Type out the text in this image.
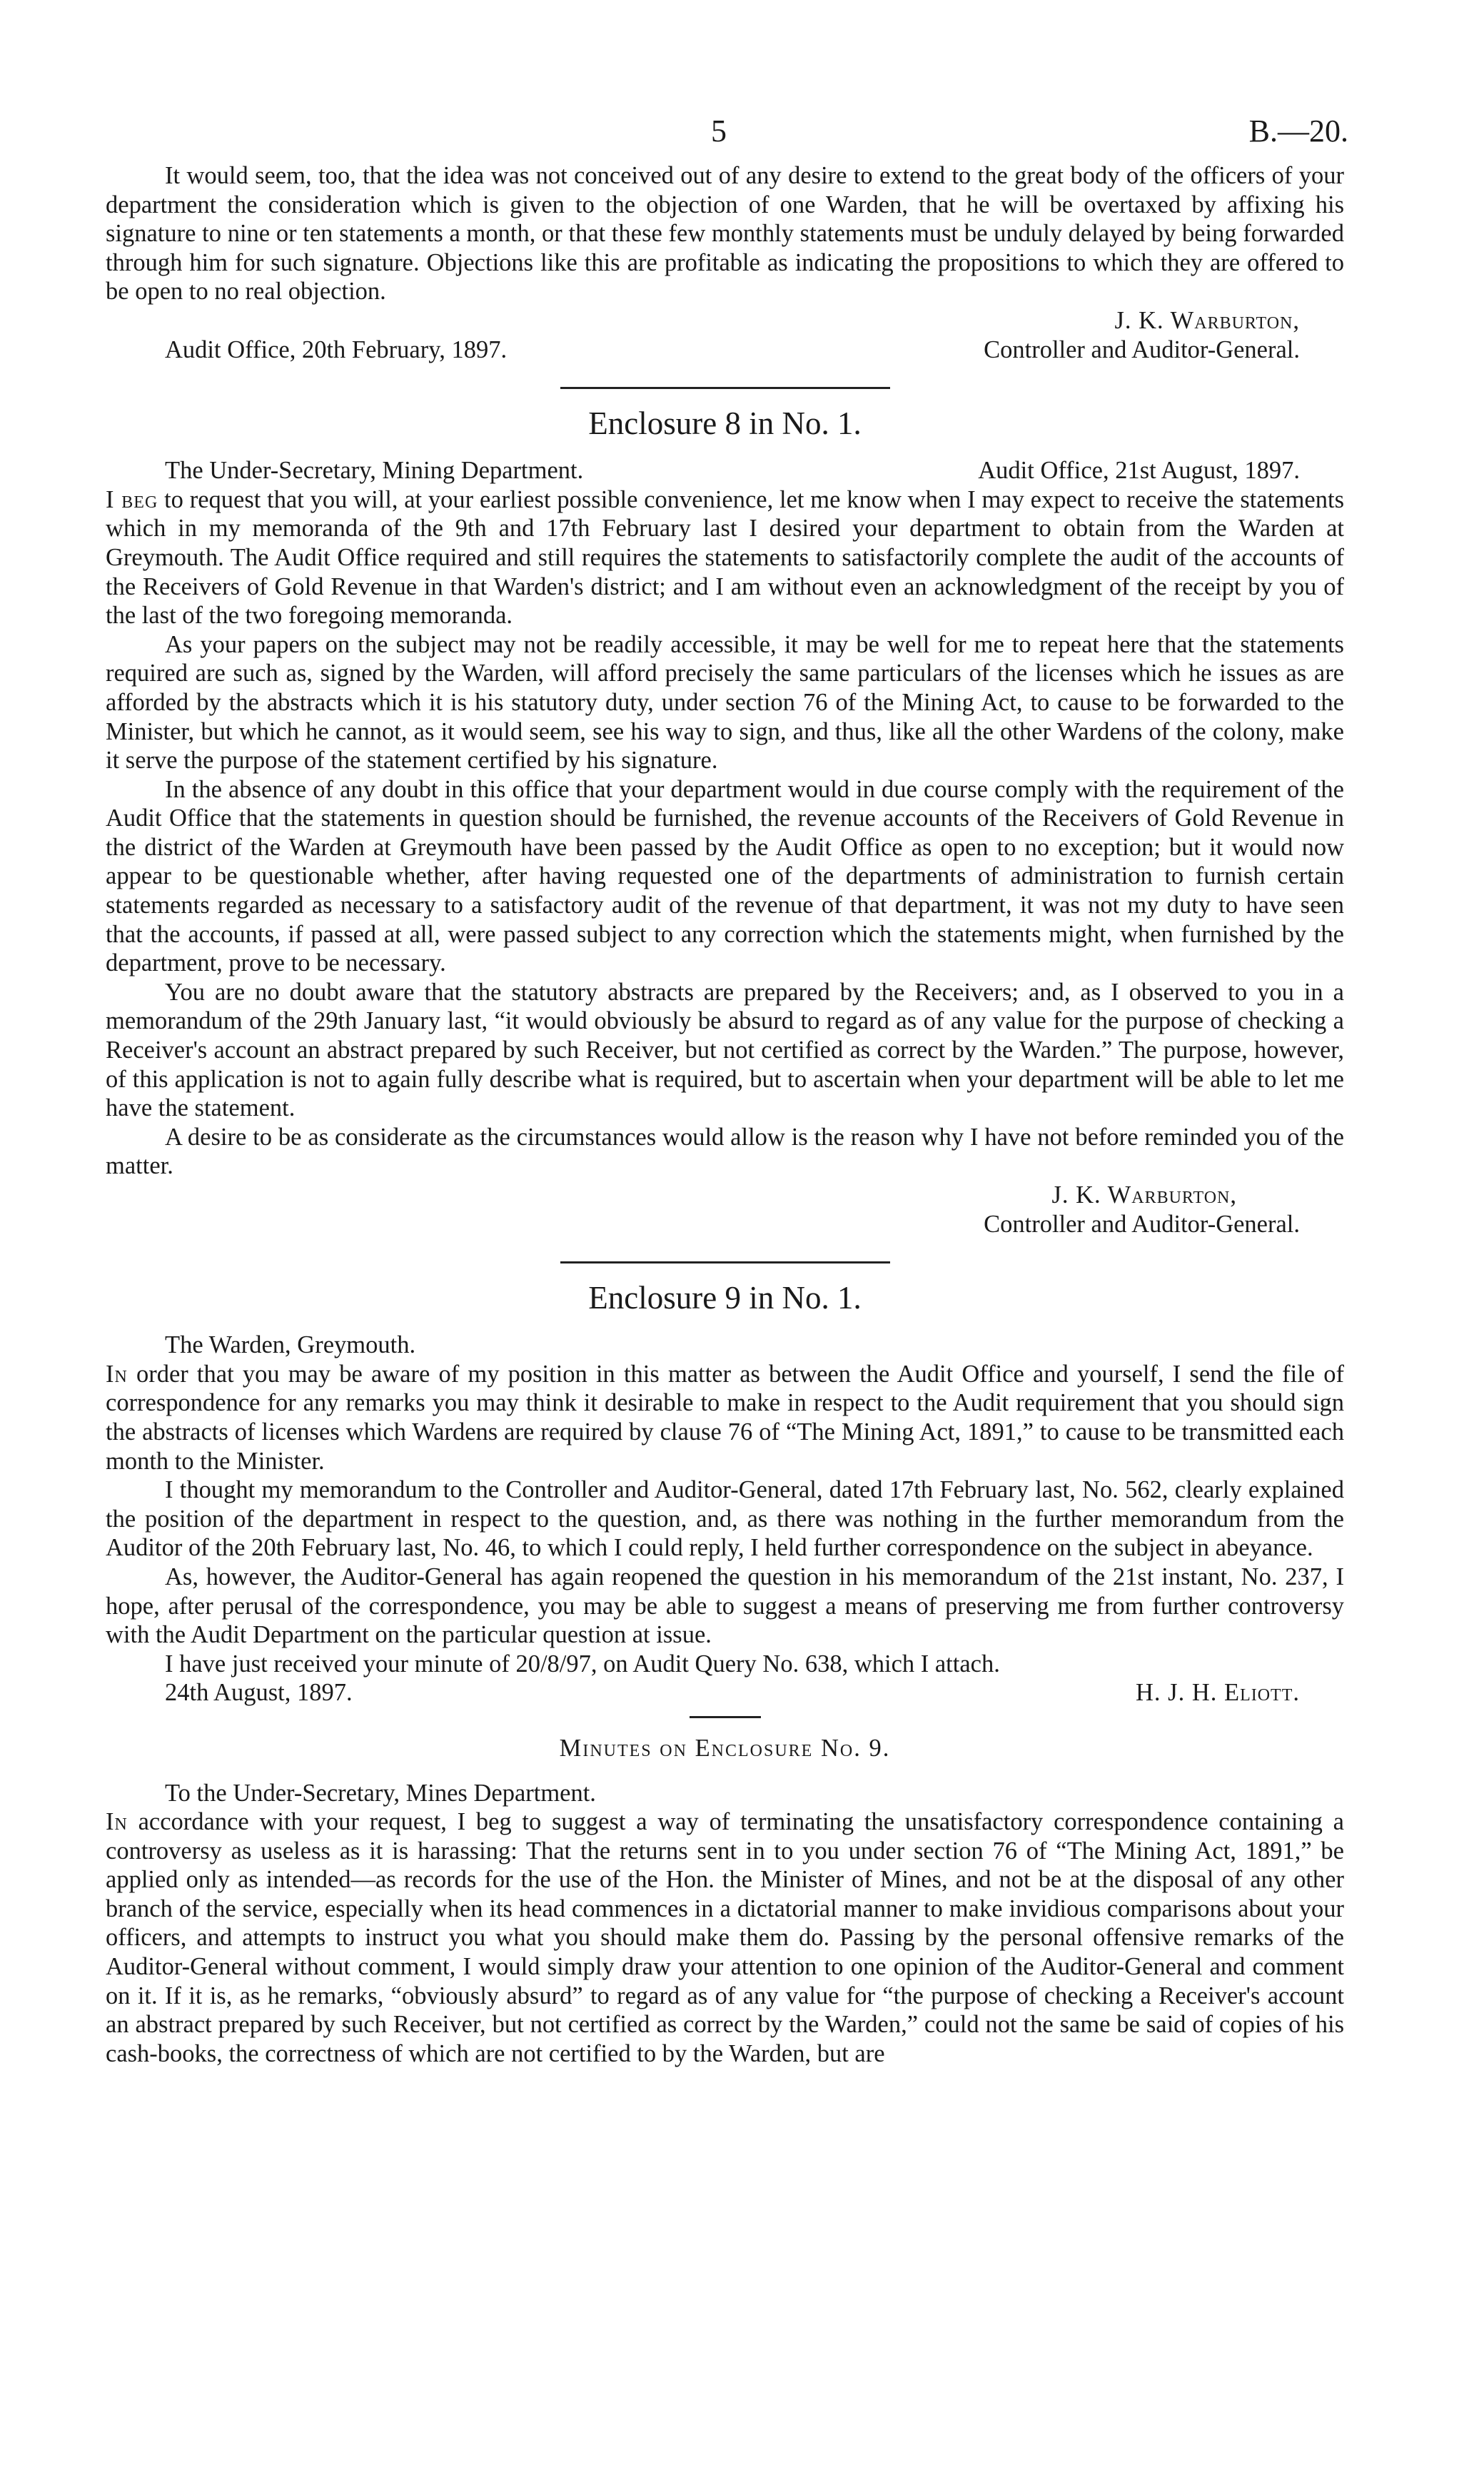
5	B.—20.

It would seem, too, that the idea was not conceived out of any desire to extend to the great body of the officers of your department the consideration which is given to the objection of one Warden, that he will be overtaxed by affixing his signature to nine or ten statements a month, or that these few monthly statements must be unduly delayed by being forwarded through him for such signature. Objections like this are profitable as indicating the propositions to which they are offered to be open to no real objection.

J. K. Warburton,
Audit Office, 20th February, 1897.	Controller and Auditor-General.
Enclosure 8 in No. 1.
The Under-Secretary, Mining Department.	Audit Office, 21st August, 1897.

I beg to request that you will, at your earliest possible convenience, let me know when I may expect to receive the statements which in my memoranda of the 9th and 17th February last I desired your department to obtain from the Warden at Greymouth. The Audit Office required and still requires the statements to satisfactorily complete the audit of the accounts of the Receivers of Gold Revenue in that Warden's district; and I am without even an acknowledgment of the receipt by you of the last of the two foregoing memoranda.

As your papers on the subject may not be readily accessible, it may be well for me to repeat here that the statements required are such as, signed by the Warden, will afford precisely the same particulars of the licenses which he issues as are afforded by the abstracts which it is his statutory duty, under section 76 of the Mining Act, to cause to be forwarded to the Minister, but which he cannot, as it would seem, see his way to sign, and thus, like all the other Wardens of the colony, make it serve the purpose of the statement certified by his signature.

In the absence of any doubt in this office that your department would in due course comply with the requirement of the Audit Office that the statements in question should be furnished, the revenue accounts of the Receivers of Gold Revenue in the district of the Warden at Greymouth have been passed by the Audit Office as open to no exception; but it would now appear to be questionable whether, after having requested one of the departments of administration to furnish certain statements regarded as necessary to a satisfactory audit of the revenue of that department, it was not my duty to have seen that the accounts, if passed at all, were passed subject to any correction which the statements might, when furnished by the department, prove to be necessary.

You are no doubt aware that the statutory abstracts are prepared by the Receivers; and, as I observed to you in a memorandum of the 29th January last, “it would obviously be absurd to regard as of any value for the purpose of checking a Receiver's account an abstract prepared by such Receiver, but not certified as correct by the Warden.” The purpose, however, of this application is not to again fully describe what is required, but to ascertain when your department will be able to let me have the statement.

A desire to be as considerate as the circumstances would allow is the reason why I have not before reminded you of the matter.

J. K. Warburton,
Controller and Auditor-General.
Enclosure 9 in No. 1.
The Warden, Greymouth.

In order that you may be aware of my position in this matter as between the Audit Office and yourself, I send the file of correspondence for any remarks you may think it desirable to make in respect to the Audit requirement that you should sign the abstracts of licenses which Wardens are required by clause 76 of “The Mining Act, 1891,” to cause to be transmitted each month to the Minister.

I thought my memorandum to the Controller and Auditor-General, dated 17th February last, No. 562, clearly explained the position of the department in respect to the question, and, as there was nothing in the further memorandum from the Auditor of the 20th February last, No. 46, to which I could reply, I held further correspondence on the subject in abeyance.

As, however, the Auditor-General has again reopened the question in his memorandum of the 21st instant, No. 237, I hope, after perusal of the correspondence, you may be able to suggest a means of preserving me from further controversy with the Audit Department on the particular question at issue.

I have just received your minute of 20/8/97, on Audit Query No. 638, which I attach.

24th August, 1897.	H. J. H. Eliott.
Minutes on Enclosure No. 9.
To the Under-Secretary, Mines Department.

In accordance with your request, I beg to suggest a way of terminating the unsatisfactory correspondence containing a controversy as useless as it is harassing: That the returns sent in to you under section 76 of “The Mining Act, 1891,” be applied only as intended—as records for the use of the Hon. the Minister of Mines, and not be at the disposal of any other branch of the service, especially when its head commences in a dictatorial manner to make invidious comparisons about your officers, and attempts to instruct you what you should make them do. Passing by the personal offensive remarks of the Auditor-General without comment, I would simply draw your attention to one opinion of the Auditor-General and comment on it. If it is, as he remarks, “obviously absurd” to regard as of any value for “the purpose of checking a Receiver's account an abstract prepared by such Receiver, but not certified as correct by the Warden,” could not the same be said of copies of his cash-books, the correctness of which are not certified to by the Warden, but are
